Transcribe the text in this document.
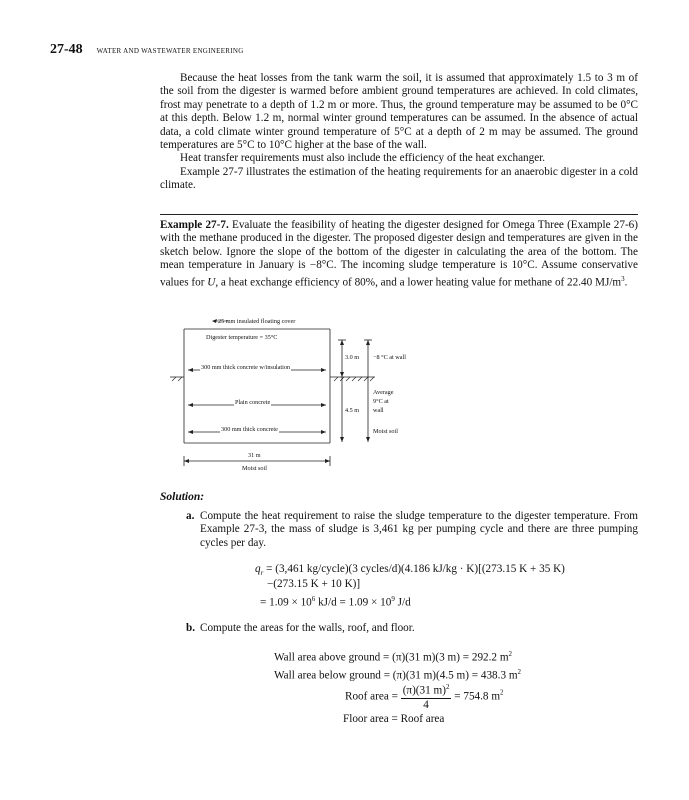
27-48 WATER AND WASTEWATER ENGINEERING

Because the heat losses from the tank warm the soil, it is assumed that approximately 1.5 to 3 m of the soil from the digester is warmed before ambient ground temperatures are achieved. In cold climates, frost may penetrate to a depth of 1.2 m or more. Thus, the ground temperature may be assumed to be 0°C at this depth. Below 1.2 m, normal winter ground temperatures can be assumed. In the absence of actual data, a cold climate winter ground temperature of 5°C at a depth of 2 m may be assumed. The ground temperatures are 5°C to 10°C higher at the base of the wall.

Heat transfer requirements must also include the efficiency of the heat exchanger.

Example 27-7 illustrates the estimation of the heating requirements for an anaerobic digester in a cold climate.

Example 27-7. Evaluate the feasibility of heating the digester designed for Omega Three (Example 27-6) with the methane produced in the digester. The proposed digester design and temperatures are given in the sketch below. Ignore the slope of the bottom of the digester in calculating the area of the bottom. The mean temperature in January is −8°C. The incoming sludge temperature is 10°C. Assume conservative values for U, a heat exchange efficiency of 80%, and a lower heating value for methane of 22.40 $MJ/m^3$.

25 mm insulated floating cover
Digester temperature = 35°C
300 mm thick concrete w/insulation
Plain concrete
300 mm thick concrete
31 m
Moist soil
3.0 m −8 °C at wall
4.5 m
Average
9°C at
wall
Moist soil
Solution:
a. Compute the heat requirement to raise the sludge temperature to the digester temperature. From Example 27-3, the mass of sludge is 3,461 kg per pumping cycle and there are three pumping cycles per day.
$q_r = (3,461$ kg/cycle)(3 cycles/d)(4.186 kJ/kg · K)[(273.15 K + 35 K)
−(273.15 K + 10 K)]
= $1.09 \times 10^6$ $kJ/d = 1.09 \times 10^9$ J/d
b. Compute the areas for the walls, roof, and floor.
Wall area above ground = (π)(31 m)(3 m) = 292.2 $m^2$
Wall area below ground = (π)(31 m)(4.5 m) = 438.3 $m^2$
Roof area = $\frac{(\pi)(31 m)^2}{4} = 754.8$ $m^2$
Floor area = Roof area
